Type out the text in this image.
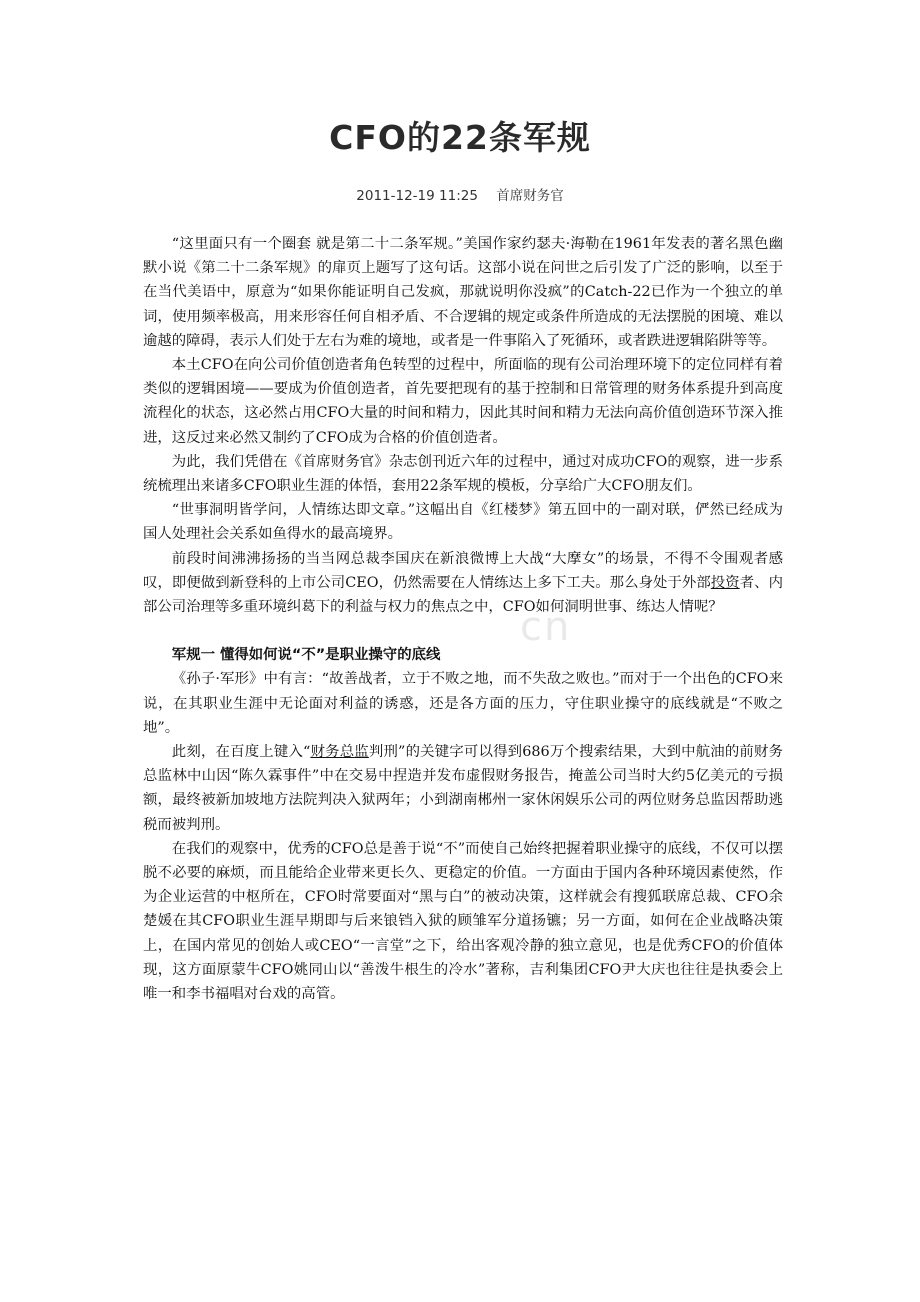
CFO的22条军规
2011-12-19 11:25 首席财务官
cn

“这里面只有一个圈套 就是第二十二条军规。”美国作家约瑟夫·海勒在1961年发表的著名黑色幽默小说《第二十二条军规》的扉页上题写了这句话。这部小说在问世之后引发了广泛的影响，以至于在当代美语中，原意为“如果你能证明自己发疯，那就说明你没疯”的Catch-22已作为一个独立的单词，使用频率极高，用来形容任何自相矛盾、不合逻辑的规定或条件所造成的无法摆脱的困境、难以逾越的障碍，表示人们处于左右为难的境地，或者是一件事陷入了死循环，或者跌进逻辑陷阱等等。

本土CFO在向公司价值创造者角色转型的过程中，所面临的现有公司治理环境下的定位同样有着类似的逻辑困境——要成为价值创造者，首先要把现有的基于控制和日常管理的财务体系提升到高度流程化的状态，这必然占用CFO大量的时间和精力，因此其时间和精力无法向高价值创造环节深入推进，这反过来必然又制约了CFO成为合格的价值创造者。

为此，我们凭借在《首席财务官》杂志创刊近六年的过程中，通过对成功CFO的观察，进一步系统梳理出来诸多CFO职业生涯的体悟，套用22条军规的模板，分享给广大CFO朋友们。

“世事洞明皆学问，人情练达即文章。”这幅出自《红楼梦》第五回中的一副对联，俨然已经成为国人处理社会关系如鱼得水的最高境界。

前段时间沸沸扬扬的当当网总裁李国庆在新浪微博上大战“大摩女”的场景，不得不令围观者感叹，即便做到新登科的上市公司CEO，仍然需要在人情练达上多下工夫。那么身处于外部投资者、内部公司治理等多重环境纠葛下的利益与权力的焦点之中，CFO如何洞明世事、练达人情呢？

军规一 懂得如何说“不”是职业操守的底线

《孙子·军形》中有言：“故善战者，立于不败之地，而不失敌之败也。”而对于一个出色的CFO来说，在其职业生涯中无论面对利益的诱惑，还是各方面的压力，守住职业操守的底线就是“不败之地”。

此刻，在百度上键入“财务总监判刑”的关键字可以得到686万个搜索结果，大到中航油的前财务总监林中山因“陈久霖事件”中在交易中捏造并发布虚假财务报告，掩盖公司当时大约5亿美元的亏损额，最终被新加坡地方法院判决入狱两年；小到湖南郴州一家休闲娱乐公司的两位财务总监因帮助逃税而被判刑。

在我们的观察中，优秀的CFO总是善于说“不”而使自己始终把握着职业操守的底线，不仅可以摆脱不必要的麻烦，而且能给企业带来更长久、更稳定的价值。一方面由于国内各种环境因素使然，作为企业运营的中枢所在，CFO时常要面对“黑与白”的被动决策，这样就会有搜狐联席总裁、CFO余楚媛在其CFO职业生涯早期即与后来锒铛入狱的顾雏军分道扬镳；另一方面，如何在企业战略决策上，在国内常见的创始人或CEO“一言堂”之下，给出客观冷静的独立意见，也是优秀CFO的价值体现，这方面原蒙牛CFO姚同山以“善泼牛根生的冷水”著称，吉利集团CFO尹大庆也往往是执委会上唯一和李书福唱对台戏的高管。
